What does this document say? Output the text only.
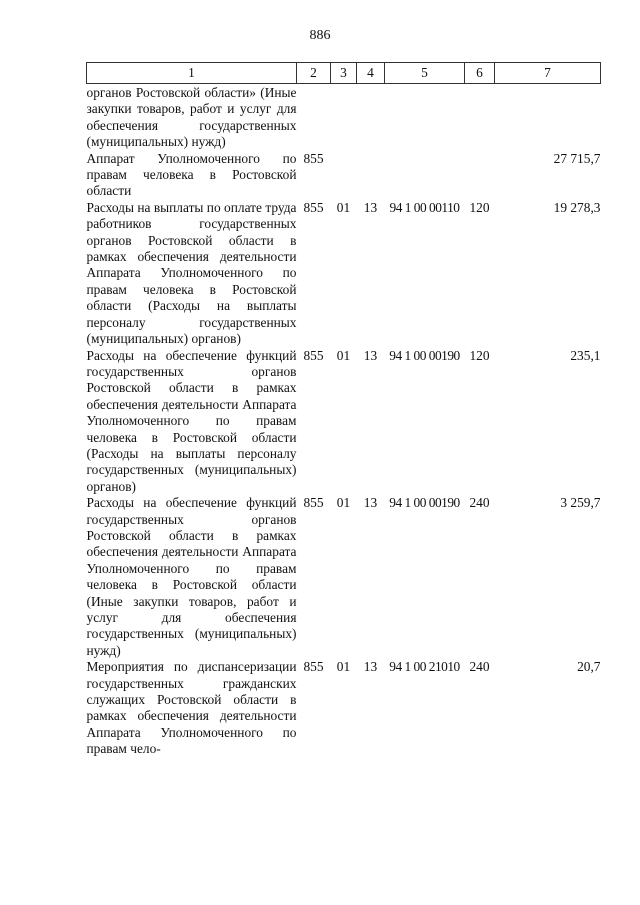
886
1	2	3	4	5	6	7
органов Ростовской области» (Иные закупки товаров, работ и услуг для обеспечения государственных (муниципальных) нужд)						
Аппарат Уполномоченного по правам человека в Ростовской области	855					27 715,7
Расходы на выплаты по оплате труда работников государственных органов Ростовской области в рамках обеспечения деятельности Аппарата Уполномоченного по правам человека в Ростовской области (Расходы на выплаты персоналу государственных (муниципальных) органов)	855	01	13	94 1 00 00110	120	19 278,3
Расходы на обеспечение функций государственных органов Ростовской области в рамках обеспечения деятельности Аппарата Уполномоченного по правам человека в Ростовской области (Расходы на выплаты персоналу государственных (муниципальных) органов)	855	01	13	94 1 00 00190	120	235,1
Расходы на обеспечение функций государственных органов Ростовской области в рамках обеспечения деятельности Аппарата Уполномоченного по правам человека в Ростовской области (Иные закупки товаров, работ и услуг для обеспечения государственных (муниципальных) нужд)	855	01	13	94 1 00 00190	240	3 259,7
Мероприятия по диспансеризации государственных гражданских служащих Ростовской области в рамках обеспечения деятельности Аппарата Уполномоченного по правам чело-	855	01	13	94 1 00 21010	240	20,7
